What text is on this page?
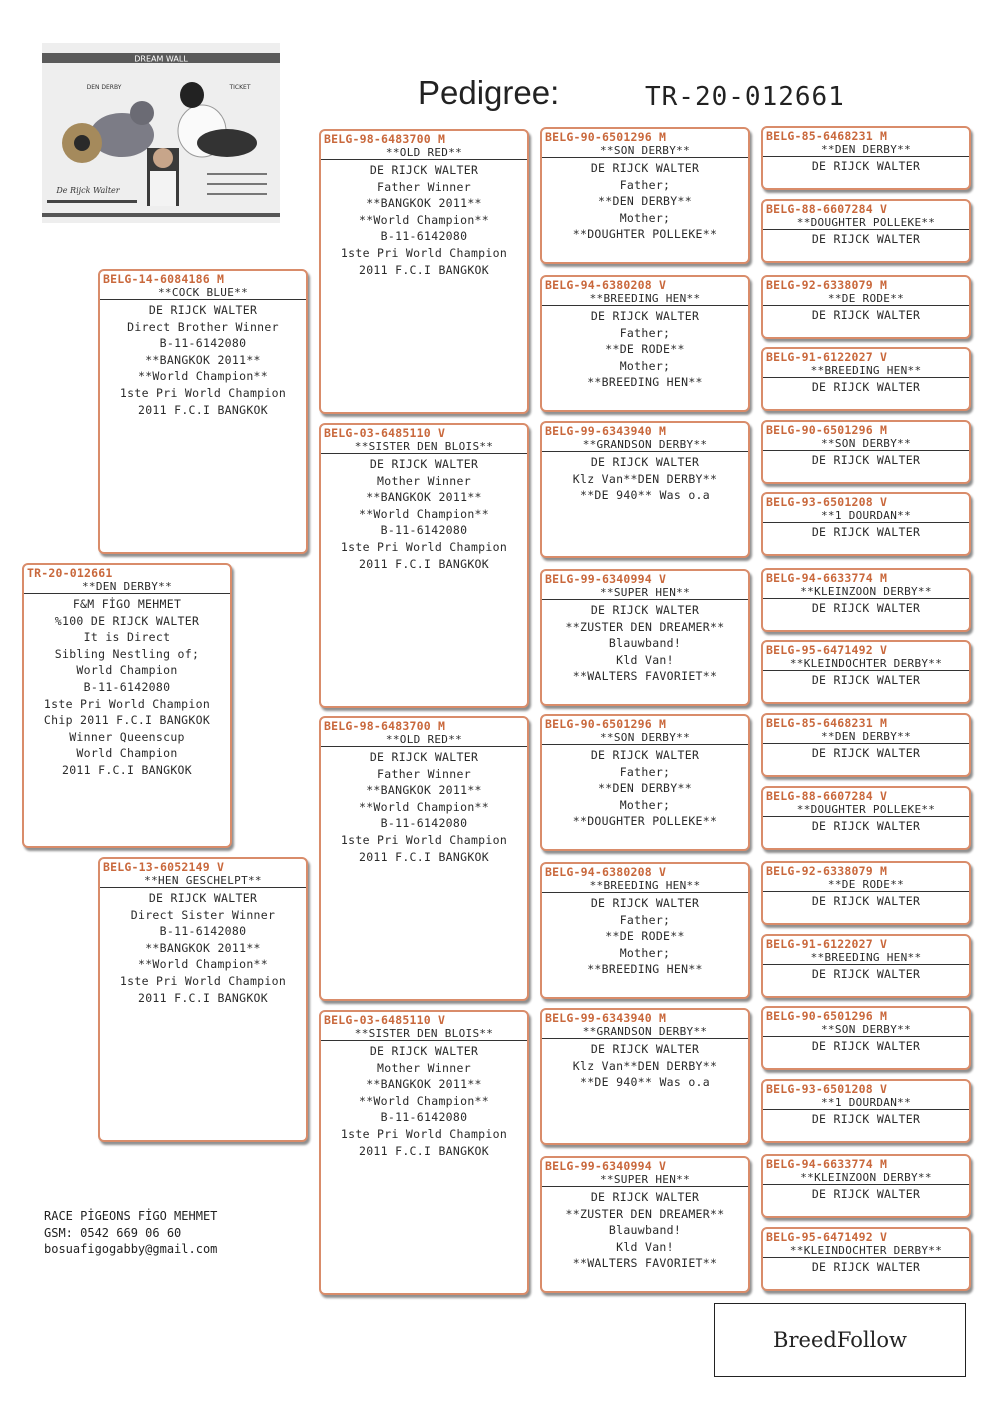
Pedigree:	TR-20-012661
DREAM WALL
DEN DERBY	TICKET
De Rijck Walter
TR-20-012661
**DEN DERBY**
F&M FİGO MEHMET
%100 DE RIJCK WALTER
It is Direct
Sibling Nestling of;
World Champion
B-11-6142080
1ste Pri World Champion
Chip 2011 F.C.I BANGKOK
Winner Queenscup
World Champion
2011 F.C.I BANGKOK
BELG-14-6084186 M
**COCK BLUE**
DE RIJCK WALTER
Direct Brother Winner
B-11-6142080
**BANGKOK 2011**
**World Champion**
1ste Pri World Champion
2011 F.C.I BANGKOK
BELG-13-6052149 V
**HEN GESCHELPT**
DE RIJCK WALTER
Direct Sister Winner
B-11-6142080
**BANGKOK 2011**
**World Champion**
1ste Pri World Champion
2011 F.C.I BANGKOK
BELG-98-6483700 M
**OLD RED**
DE RIJCK WALTER
Father Winner
**BANGKOK 2011**
**World Champion**
B-11-6142080
1ste Pri World Champion
2011 F.C.I BANGKOK
BELG-03-6485110 V
**SISTER DEN BLOIS**
DE RIJCK WALTER
Mother Winner
**BANGKOK 2011**
**World Champion**
B-11-6142080
1ste Pri World Champion
2011 F.C.I BANGKOK
BELG-98-6483700 M
**OLD RED**
DE RIJCK WALTER
Father Winner
**BANGKOK 2011**
**World Champion**
B-11-6142080
1ste Pri World Champion
2011 F.C.I BANGKOK
BELG-03-6485110 V
**SISTER DEN BLOIS**
DE RIJCK WALTER
Mother Winner
**BANGKOK 2011**
**World Champion**
B-11-6142080
1ste Pri World Champion
2011 F.C.I BANGKOK
BELG-90-6501296 M
**SON DERBY**
DE RIJCK WALTER
Father;
**DEN DERBY**
Mother;
**DOUGHTER POLLEKE**
BELG-94-6380208 V
**BREEDING HEN**
DE RIJCK WALTER
Father;
**DE RODE**
Mother;
**BREEDING HEN**
BELG-99-6343940 M
**GRANDSON DERBY**
DE RIJCK WALTER
Klz Van**DEN DERBY**
**DE 940** Was o.a
BELG-99-6340994 V
**SUPER HEN**
DE RIJCK WALTER
**ZUSTER DEN DREAMER**
Blauwband!
Kld Van!
**WALTERS FAVORIET**
BELG-90-6501296 M
**SON DERBY**
DE RIJCK WALTER
Father;
**DEN DERBY**
Mother;
**DOUGHTER POLLEKE**
BELG-94-6380208 V
**BREEDING HEN**
DE RIJCK WALTER
Father;
**DE RODE**
Mother;
**BREEDING HEN**
BELG-99-6343940 M
**GRANDSON DERBY**
DE RIJCK WALTER
Klz Van**DEN DERBY**
**DE 940** Was o.a
BELG-99-6340994 V
**SUPER HEN**
DE RIJCK WALTER
**ZUSTER DEN DREAMER**
Blauwband!
Kld Van!
**WALTERS FAVORIET**
BELG-85-6468231 M
**DEN DERBY**
DE RIJCK WALTER
BELG-88-6607284 V
**DOUGHTER POLLEKE**
DE RIJCK WALTER
BELG-92-6338079 M
**DE RODE**
DE RIJCK WALTER
BELG-91-6122027 V
**BREEDING HEN**
DE RIJCK WALTER
BELG-90-6501296 M
**SON DERBY**
DE RIJCK WALTER
BELG-93-6501208 V
**1 DOURDAN**
DE RIJCK WALTER
BELG-94-6633774 M
**KLEINZOON DERBY**
DE RIJCK WALTER
BELG-95-6471492 V
**KLEINDOCHTER DERBY**
DE RIJCK WALTER
BELG-85-6468231 M
**DEN DERBY**
DE RIJCK WALTER
BELG-88-6607284 V
**DOUGHTER POLLEKE**
DE RIJCK WALTER
BELG-92-6338079 M
**DE RODE**
DE RIJCK WALTER
BELG-91-6122027 V
**BREEDING HEN**
DE RIJCK WALTER
BELG-90-6501296 M
**SON DERBY**
DE RIJCK WALTER
BELG-93-6501208 V
**1 DOURDAN**
DE RIJCK WALTER
BELG-94-6633774 M
**KLEINZOON DERBY**
DE RIJCK WALTER
BELG-95-6471492 V
**KLEINDOCHTER DERBY**
DE RIJCK WALTER
RACE PİGEONS FİGO MEHMET
GSM: 0542 669 06 60
bosuafigogabby@gmail.com
BreedFollow
